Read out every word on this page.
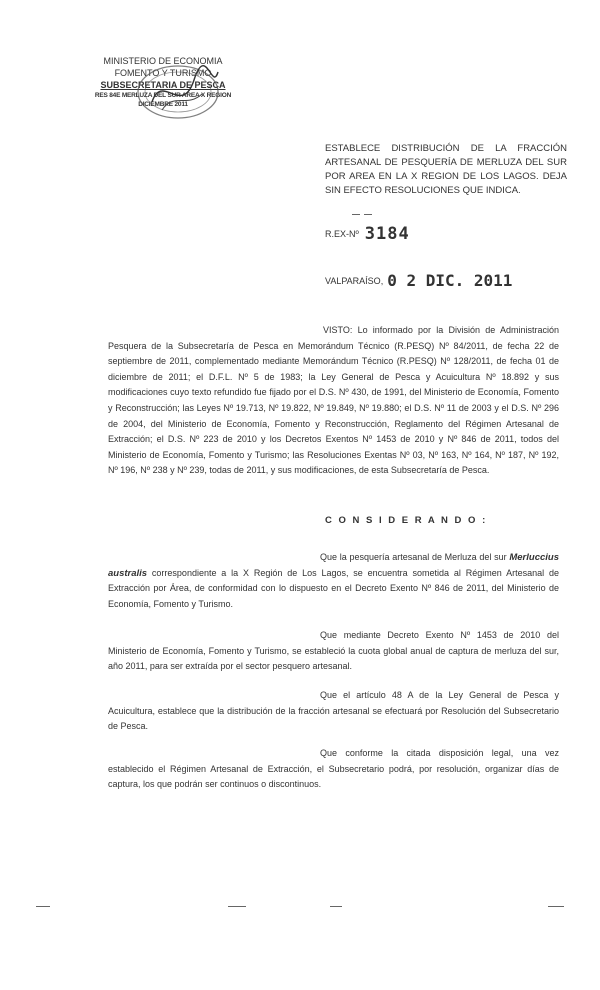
MINISTERIO DE ECONOMIA
FOMENTO Y TURISMO
SUBSECRETARIA DE PESCA
RES 84E MERLUZA DEL SUR AREA X REGION
DICIEMBRE 2011
ESTABLECE DISTRIBUCIÓN DE LA FRACCIÓN ARTESANAL DE PESQUERÍA DE MERLUZA DEL SUR POR AREA EN LA X REGION DE LOS LAGOS. DEJA SIN EFECTO RESOLUCIONES QUE INDICA.
R.EX-Nº 3184
VALPARAÍSO, 0 2 DIC. 2011
VISTO: Lo informado por la División de Administración Pesquera de la Subsecretaría de Pesca en Memorándum Técnico (R.PESQ) Nº 84/2011, de fecha 22 de septiembre de 2011, complementado mediante Memorándum Técnico (R.PESQ) Nº 128/2011, de fecha 01 de diciembre de 2011; el D.F.L. Nº 5 de 1983; la Ley General de Pesca y Acuicultura Nº 18.892 y sus modificaciones cuyo texto refundido fue fijado por el D.S. Nº 430, de 1991, del Ministerio de Economía, Fomento y Reconstrucción; las Leyes Nº 19.713, Nº 19.822, Nº 19.849, Nº 19.880; el D.S. Nº 11 de 2003 y el D.S. Nº 296 de 2004, del Ministerio de Economía, Fomento y Reconstrucción, Reglamento del Régimen Artesanal de Extracción; el D.S. Nº 223 de 2010 y los Decretos Exentos Nº 1453 de 2010 y Nº 846 de 2011, todos del Ministerio de Economía, Fomento y Turismo; las Resoluciones Exentas Nº 03, Nº 163, Nº 164, Nº 187, Nº 192, Nº 196, Nº 238 y Nº 239, todas de 2011, y sus modificaciones, de esta Subsecretaría de Pesca.
C O N S I D E R A N D O :
Que la pesquería artesanal de Merluza del sur Merluccius australis correspondiente a la X Región de Los Lagos, se encuentra sometida al Régimen Artesanal de Extracción por Área, de conformidad con lo dispuesto en el Decreto Exento Nº 846 de 2011, del Ministerio de Economía, Fomento y Turismo.
Que mediante Decreto Exento Nº 1453 de 2010 del Ministerio de Economía, Fomento y Turismo, se estableció la cuota global anual de captura de merluza del sur, año 2011, para ser extraída por el sector pesquero artesanal.
Que el artículo 48 A de la Ley General de Pesca y Acuicultura, establece que la distribución de la fracción artesanal se efectuará por Resolución del Subsecretario de Pesca.
Que conforme la citada disposición legal, una vez establecido el Régimen Artesanal de Extracción, el Subsecretario podrá, por resolución, organizar días de captura, los que podrán ser continuos o discontinuos.
